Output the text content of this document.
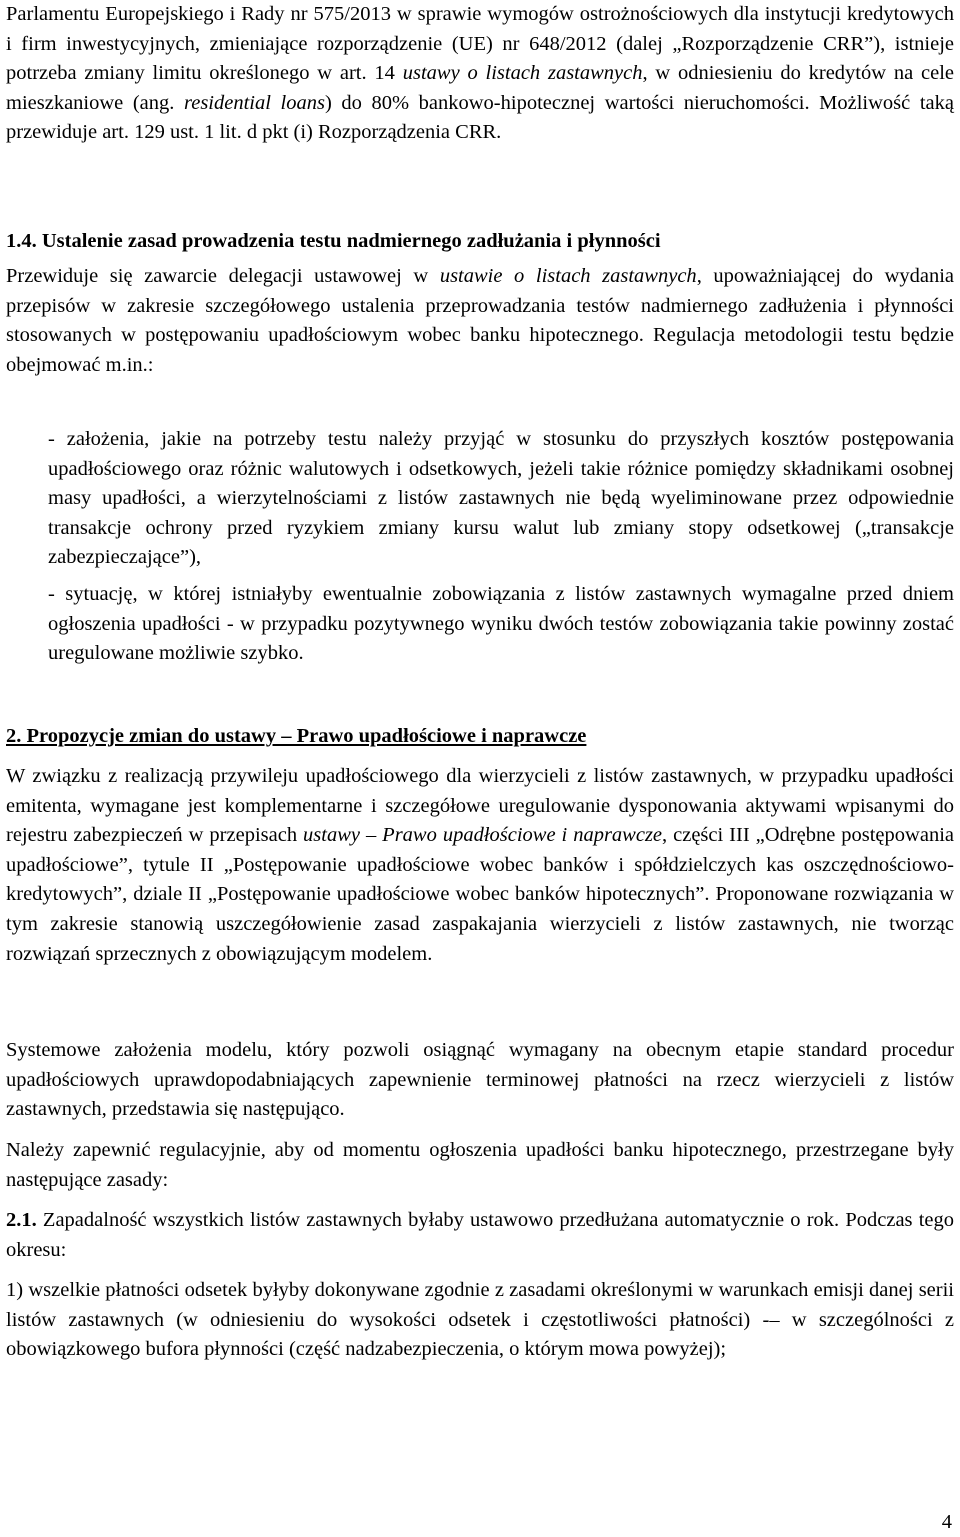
Parlamentu Europejskiego i Rady nr 575/2013 w sprawie wymogów ostrożnościowych dla instytucji kredytowych i firm inwestycyjnych, zmieniające rozporządzenie (UE) nr 648/2012 (dalej „Rozporządzenie CRR”), istnieje potrzeba zmiany limitu określonego w art. 14 ustawy o listach zastawnych, w odniesieniu do kredytów na cele mieszkaniowe (ang. residential loans) do 80% bankowo-hipotecznej wartości nieruchomości. Możliwość taką przewiduje art. 129 ust. 1 lit. d pkt (i) Rozporządzenia CRR.

1.4. Ustalenie zasad prowadzenia testu nadmiernego zadłużania i płynności

Przewiduje się zawarcie delegacji ustawowej w ustawie o listach zastawnych, upoważniającej do wydania przepisów w zakresie szczegółowego ustalenia przeprowadzania testów nadmiernego zadłużenia i płynności stosowanych w postępowaniu upadłościowym wobec banku hipotecznego. Regulacja metodologii testu będzie obejmować m.in.:

- założenia, jakie na potrzeby testu należy przyjąć w stosunku do przyszłych kosztów postępowania upadłościowego oraz różnic walutowych i odsetkowych, jeżeli takie różnice pomiędzy składnikami osobnej masy upadłości, a wierzytelnościami z listów zastawnych nie będą wyeliminowane przez odpowiednie transakcje ochrony przed ryzykiem zmiany kursu walut lub zmiany stopy odsetkowej („transakcje zabezpieczające”),

- sytuację, w której istniałyby ewentualnie zobowiązania z listów zastawnych wymagalne przed dniem ogłoszenia upadłości - w przypadku pozytywnego wyniku dwóch testów zobowiązania takie powinny zostać uregulowane możliwie szybko.

2. Propozycje zmian do ustawy – Prawo upadłościowe i naprawcze

W związku z realizacją przywileju upadłościowego dla wierzycieli z listów zastawnych, w przypadku upadłości emitenta, wymagane jest komplementarne i szczegółowe uregulowanie dysponowania aktywami wpisanymi do rejestru zabezpieczeń w przepisach ustawy – Prawo upadłościowe i naprawcze, części III „Odrębne postępowania upadłościowe”, tytule II „Postępowanie upadłościowe wobec banków i spółdzielczych kas oszczędnościowo-kredytowych”, dziale II „Postępowanie upadłościowe wobec banków hipotecznych”. Proponowane rozwiązania w tym zakresie stanowią uszczegółowienie zasad zaspakajania wierzycieli z listów zastawnych, nie tworząc rozwiązań sprzecznych z obowiązującym modelem.

Systemowe założenia modelu, który pozwoli osiągnąć wymagany na obecnym etapie standard procedur upadłościowych uprawdopodabniających zapewnienie terminowej płatności na rzecz wierzycieli z listów zastawnych, przedstawia się następująco.

Należy zapewnić regulacyjnie, aby od momentu ogłoszenia upadłości banku hipotecznego, przestrzegane były następujące zasady:

2.1. Zapadalność wszystkich listów zastawnych byłaby ustawowo przedłużana automatycznie o rok. Podczas tego okresu:

1) wszelkie płatności odsetek byłyby dokonywane zgodnie z zasadami określonymi w warunkach emisji danej serii listów zastawnych (w odniesieniu do wysokości odsetek i częstotliwości płatności) -– w szczególności z obowiązkowego bufora płynności (część nadzabezpieczenia, o którym mowa powyżej);

4
